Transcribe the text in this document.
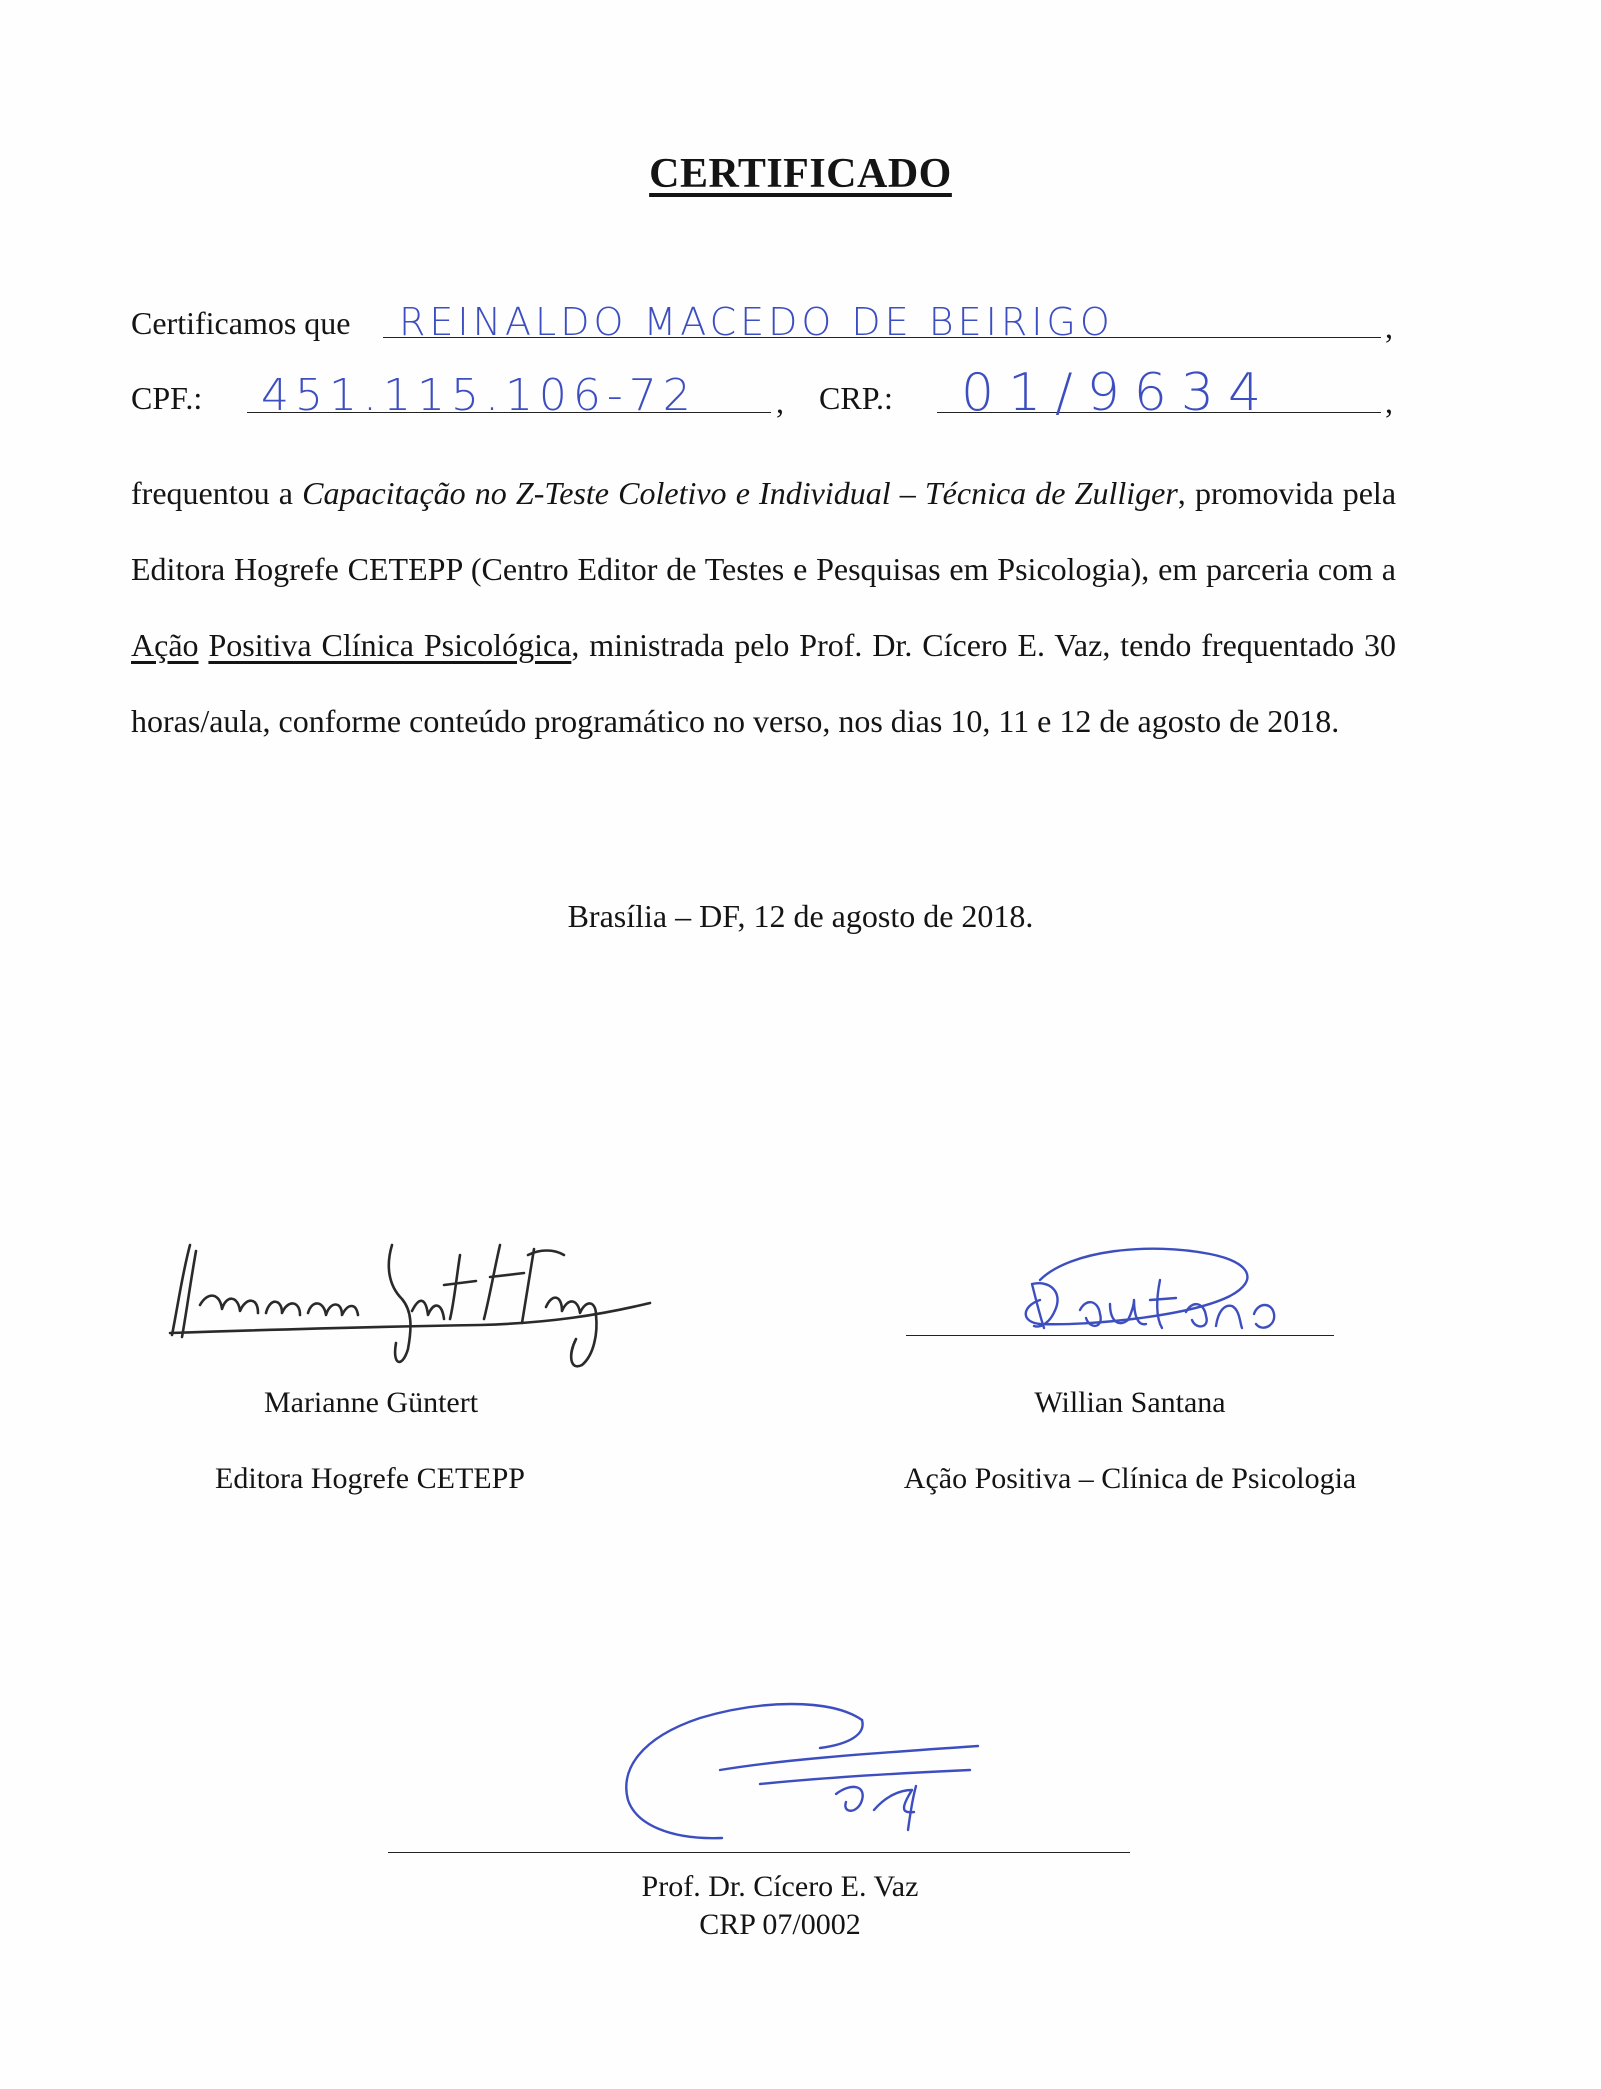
CERTIFICADO
Certificamos que REINALDO MACEDO DE BEIRIGO	,
CPF.: 451.115.106-72 , CRP.: 01/9634	,
frequentou a Capacitação no Z-Teste Coletivo e Individual – Técnica de Zulliger, promovida pela Editora Hogrefe CETEPP (Centro Editor de Testes e Pesquisas em Psicologia), em parceria com a Ação Positiva Clínica Psicológica, ministrada pelo Prof. Dr. Cícero E. Vaz, tendo frequentado 30 horas/aula, conforme conteúdo programático no verso, nos dias 10, 11 e 12 de agosto de 2018.
Brasília – DF, 12 de agosto de 2018.
Marianne Güntert
Editora Hogrefe CETEPP
Willian Santana
Ação Positiva – Clínica de Psicologia
Prof. Dr. Cícero E. Vaz
CRP 07/0002
